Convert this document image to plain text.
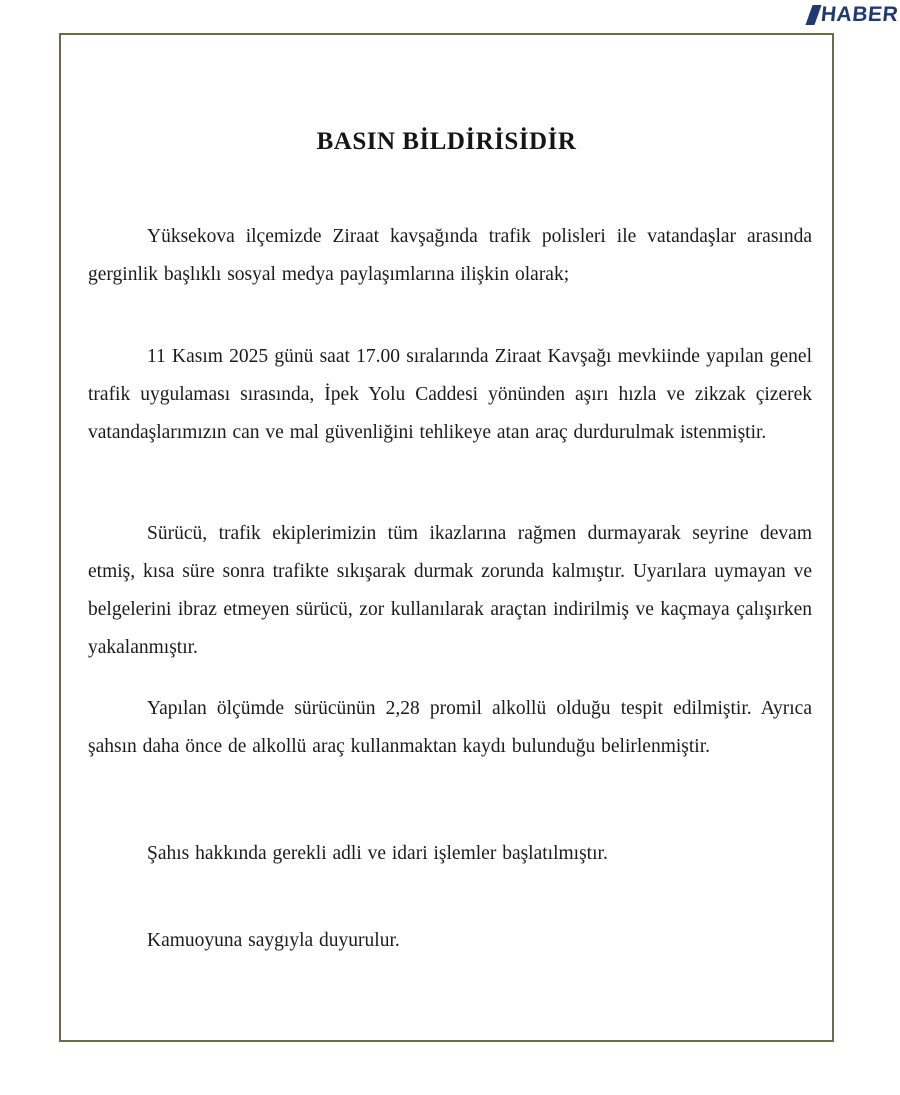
HABER
BASIN BİLDİRİSİDİR

Yüksekova ilçemizde Ziraat kavşağında trafik polisleri ile vatandaşlar arasında gerginlik başlıklı sosyal medya paylaşımlarına ilişkin olarak;

11 Kasım 2025 günü saat 17.00 sıralarında Ziraat Kavşağı mevkiinde yapılan genel trafik uygulaması sırasında, İpek Yolu Caddesi yönünden aşırı hızla ve zikzak çizerek vatandaşlarımızın can ve mal güvenliğini tehlikeye atan araç durdurulmak istenmiştir.

Sürücü, trafik ekiplerimizin tüm ikazlarına rağmen durmayarak seyrine devam etmiş, kısa süre sonra trafikte sıkışarak durmak zorunda kalmıştır. Uyarılara uymayan ve belgelerini ibraz etmeyen sürücü, zor kullanılarak araçtan indirilmiş ve kaçmaya çalışırken yakalanmıştır.

Yapılan ölçümde sürücünün 2,28 promil alkollü olduğu tespit edilmiştir. Ayrıca şahsın daha önce de alkollü araç kullanmaktan kaydı bulunduğu belirlenmiştir.

Şahıs hakkında gerekli adli ve idari işlemler başlatılmıştır.

Kamuoyuna saygıyla duyurulur.
